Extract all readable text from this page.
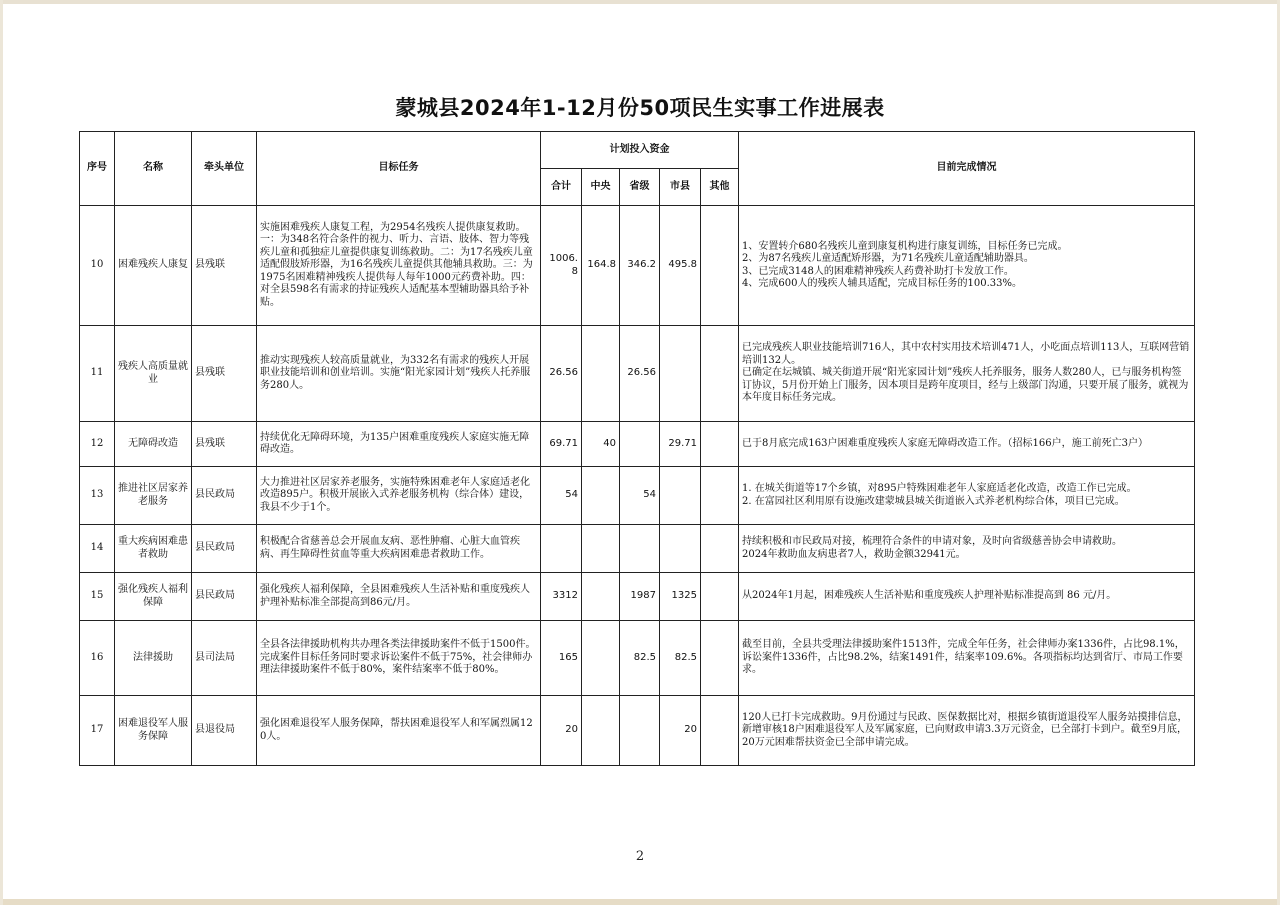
蒙城县2024年1-12月份50项民生实事工作进展表
序号	名称	牵头单位	目标任务	计划投入资金					目前完成情况
				合计	中央	省级	市县	其他	
10	困难残疾人康复	县残联	实施困难残疾人康复工程，为2954名残疾人提供康复救助。一：为348名符合条件的视力、听力、言语、肢体、智力等残疾儿童和孤独症儿童提供康复训练救助。二：为17名残疾儿童适配假肢矫形器，为16名残疾儿童提供其他辅具救助。三：为1975名困难精神残疾人提供每人每年1000元药费补助。四：对全县598名有需求的持证残疾人适配基本型辅助器具给予补贴。	1006.8	164.8	346.2	495.8		1、安置转介680名残疾儿童到康复机构进行康复训练，目标任务已完成。
2、为87名残疾儿童适配矫形器，为71名残疾儿童适配辅助器具。
3、已完成3148人的困难精神残疾人药费补助打卡发放工作。
4、完成600人的残疾人辅具适配，完成目标任务的100.33%。
11	残疾人高质量就业	县残联	推动实现残疾人较高质量就业，为332名有需求的残疾人开展职业技能培训和创业培训。实施“阳光家园计划”残疾人托养服务280人。	26.56		26.56			已完成残疾人职业技能培训716人，其中农村实用技术培训471人，小吃面点培训113人，互联网营销培训132人。
已确定在坛城镇、城关街道开展“阳光家园计划”残疾人托养服务，服务人数280人，已与服务机构签订协议，5月份开始上门服务，因本项目是跨年度项目，经与上级部门沟通，只要开展了服务，就视为本年度目标任务完成。
12	无障碍改造	县残联	持续优化无障碍环境，为135户困难重度残疾人家庭实施无障碍改造。	69.71	40		29.71		已于8月底完成163户困难重度残疾人家庭无障碍改造工作。（招标166户，施工前死亡3户）
13	推进社区居家养老服务	县民政局	大力推进社区居家养老服务，实施特殊困难老年人家庭适老化改造895户。积极开展嵌入式养老服务机构（综合体）建设，我县不少于1个。	54		54			1. 在城关街道等17个乡镇，对895户特殊困难老年人家庭适老化改造，改造工作已完成。
2. 在富园社区利用原有设施改建蒙城县城关街道嵌入式养老机构综合体，项目已完成。
14	重大疾病困难患者救助	县民政局	积极配合省慈善总会开展血友病、恶性肿瘤、心脏大血管疾病、再生障碍性贫血等重大疾病困难患者救助工作。						持续积极和市民政局对接，梳理符合条件的申请对象，及时向省级慈善协会申请救助。
2024年救助血友病患者7人，救助金额32941元。
15	强化残疾人福利保障	县民政局	强化残疾人福利保障，全县困难残疾人生活补贴和重度残疾人护理补贴标准全部提高到86元/月。	3312		1987	1325		从2024年1月起，困难残疾人生活补贴和重度残疾人护理补贴标准提高到 86 元/月。
16	法律援助	县司法局	全县各法律援助机构共办理各类法律援助案件不低于1500件。完成案件目标任务同时要求诉讼案件不低于75%，社会律师办理法律援助案件不低于80%，案件结案率不低于80%。	165		82.5	82.5		截至目前，全县共受理法律援助案件1513件，完成全年任务，社会律师办案1336件，占比98.1%，诉讼案件1336件，占比98.2%，结案1491件，结案率109.6%。各项指标均达到省厅、市局工作要求。
17	困难退役军人服务保障	县退役局	强化困难退役军人服务保障，帮扶困难退役军人和军属烈属120人。	20			20		120人已打卡完成救助。9月份通过与民政、医保数据比对，根据乡镇街道退役军人服务站摸排信息，新增审核18户困难退役军人及军属家庭，已向财政申请3.3万元资金，已全部打卡到户。截至9月底，20万元困难帮扶资金已全部申请完成。
2
